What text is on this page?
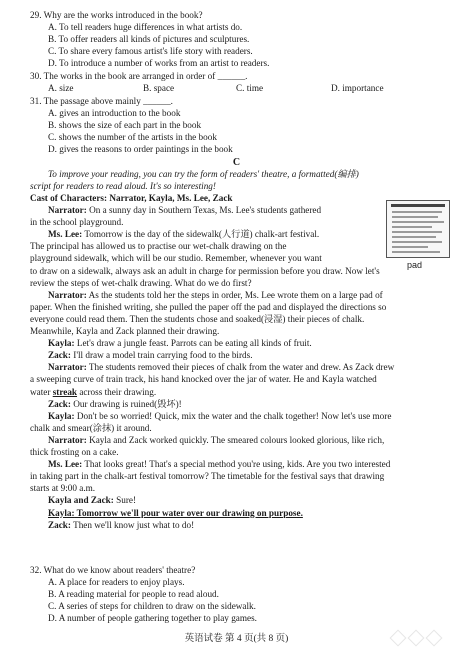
29. Why are the works introduced in the book?
A. To tell readers huge differences in what artists do.
B. To offer readers all kinds of pictures and sculptures.
C. To share every famous artist's life story with readers.
D. To introduce a number of works from an artist to readers.
30. The works in the book are arranged in order of ______.
A. size	B. space	C. time	D. importance
31. The passage above mainly ______.
A. gives an introduction to the book
B. shows the size of each part in the book
C. shows the number of the artists in the book
D. gives the reasons to order paintings in the book
C
To improve your reading, you can try the form of readers' theatre, a formatted(编排)
script for readers to read aloud. It's so interesting!
Cast of Characters: Narrator, Kayla, Ms. Lee, Zack
pad
Narrator: On a sunny day in Southern Texas, Ms. Lee's students gathered
in the school playground.
Ms. Lee: Tomorrow is the day of the sidewalk(人行道) chalk-art festival.
The principal has allowed us to practise our wet-chalk drawing on the
playground sidewalk, which will be our studio. Remember, whenever you want
to draw on a sidewalk, always ask an adult in charge for permission before you draw. Now let's
review the steps of wet-chalk drawing. What do we do first?
Narrator: As the students told her the steps in order, Ms. Lee wrote them on a large pad of
paper. When the finished writing, she pulled the paper off the pad and displayed the directions so
everyone could read them. Then the students chose and soaked(浸湿) their pieces of chalk.
Meanwhile, Kayla and Zack planned their drawing.
Kayla: Let's draw a jungle feast. Parrots can be eating all kinds of fruit.
Zack: I'll draw a model train carrying food to the birds.
Narrator: The students removed their pieces of chalk from the water and drew. As Zack drew
a sweeping curve of train track, his hand knocked over the jar of water. He and Kayla watched
water streak across their drawing.
Zack: Our drawing is ruined(毁坏)!
Kayla: Don't be so worried! Quick, mix the water and the chalk together! Now let's use more
chalk and smear(涂抹) it around.
Narrator: Kayla and Zack worked quickly. The smeared colours looked glorious, like rich,
thick frosting on a cake.
Ms. Lee: That looks great! That's a special method you're using, kids. Are you two interested
in taking part in the chalk-art festival tomorrow? The timetable for the festival says that drawing
starts at 9:00 a.m.
Kayla and Zack: Sure!
Kayla: Tomorrow we'll pour water over our drawing on purpose.
Zack: Then we'll know just what to do!
32. What do we know about readers' theatre?
A. A place for readers to enjoy plays.
B. A reading material for people to read aloud.
C. A series of steps for children to draw on the sidewalk.
D. A number of people gathering together to play games.
英语试卷 第 4 页(共 8 页)
